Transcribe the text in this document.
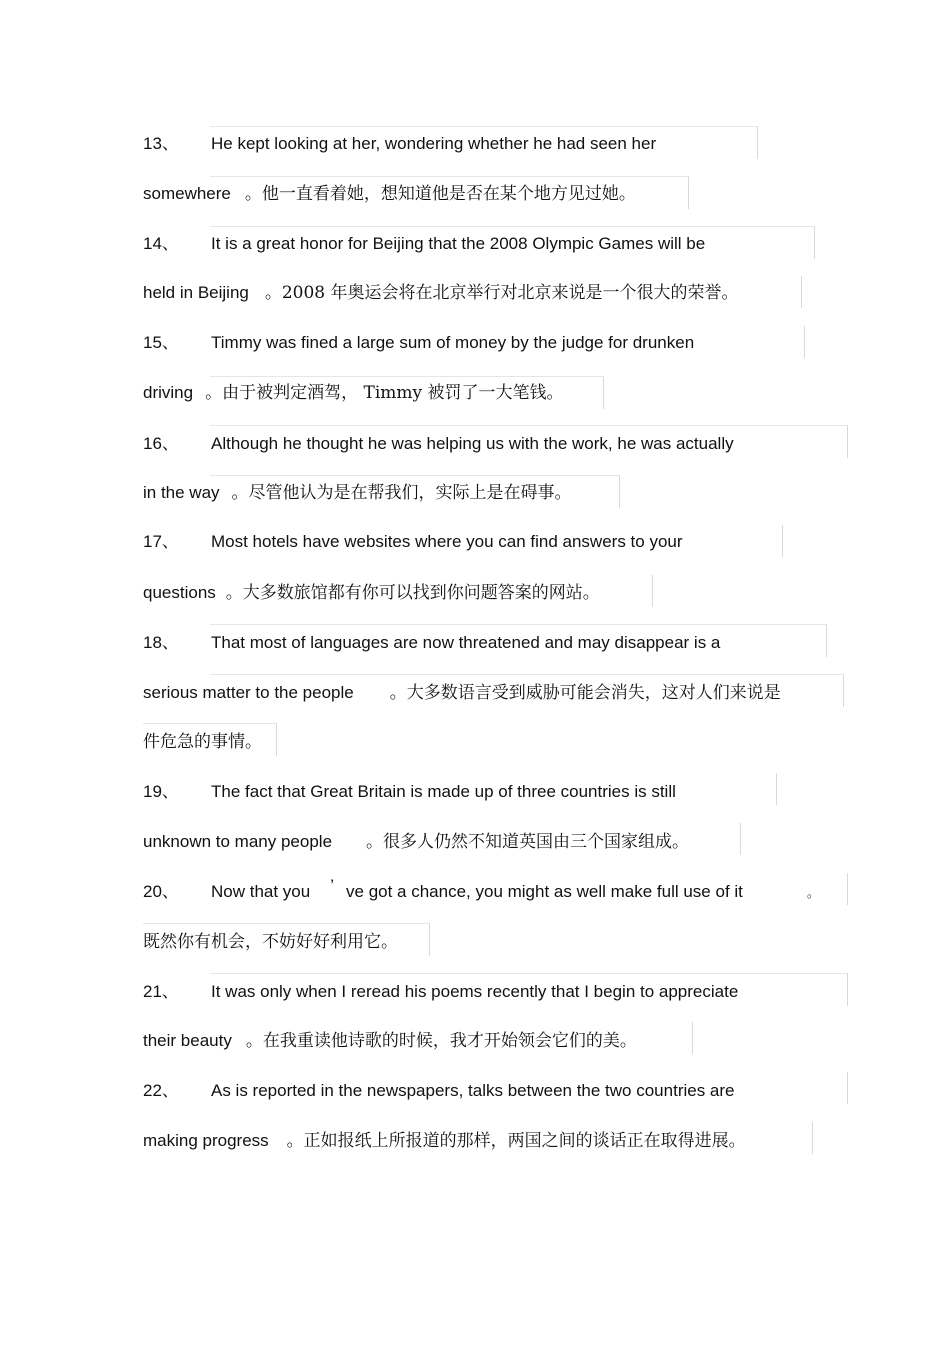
13、 He kept looking at her, wondering whether he had seen her
somewhere 。他一直看着她，想知道他是否在某个地方见过她。
14、 It is a great honor for Beijing that the 2008 Olympic Games will be
held in Beijing 。2008 年奥运会将在北京举行对北京来说是一个很大的荣誉。
15、 Timmy was fined a large sum of money by the judge for drunken
driving 。由于被判定酒驾， Timmy 被罚了一大笔钱。
16、 Although he thought he was helping us with the work, he was actually
in the way 。尽管他认为是在帮我们，实际上是在碍事。
17、 Most hotels have websites where you can find answers to your
questions 。大多数旅馆都有你可以找到你问题答案的网站。
18、 That most of languages are now threatened and may disappear is a
serious matter to the people 。大多数语言受到威胁可能会消失，这对人们来说是
件危急的事情。
19、 The fact that Great Britain is made up of three countries is still
unknown to many people 。很多人仍然不知道英国由三个国家组成。
20、 Now that you ’ ve got a chance, you might as well make full use of it	。
既然你有机会，不妨好好利用它。
21、 It was only when I reread his poems recently that I begin to appreciate
their beauty 。在我重读他诗歌的时候，我才开始领会它们的美。
22、 As is reported in the newspapers, talks between the two countries are
making progress 。正如报纸上所报道的那样，两国之间的谈话正在取得进展。
